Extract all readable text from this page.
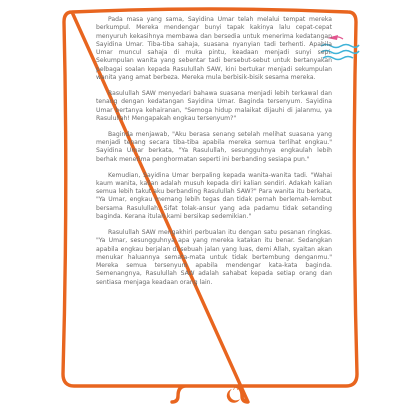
Pada masa yang sama, Sayidina Umar telah melalui tempat mereka berkumpul. Mereka mendengar bunyi tapak kakinya lalu cepat-cepat menyuruh kekasihnya membawa dan bersedia untuk menerima kedatangan Sayidina Umar. Tiba-tiba sahaja, suasana nyanyian tadi terhenti. Apabila Umar muncul sahaja di muka pintu, keadaan menjadi sunyi sepi. Sekumpulan wanita yang sebentar tadi bersebut-sebut untuk bertanyakan pelbagai soalan kepada Rasulullah SAW, kini bertukar menjadi sekumpulan wanita yang amat berbeza. Mereka mula berbisik-bisik sesama mereka.

Rasulullah SAW menyedari bahawa suasana menjadi lebih terkawal dan tenang dengan kedatangan Sayidina Umar. Baginda tersenyum. Sayidina Umar bertanya kehairanan, "Semoga hidup malaikat dijauhi di jalanmu, ya Rasulullah! Mengapakah engkau tersenyum?"

Baginda menjawab, "Aku berasa senang setelah melihat suasana yang menjadi tenang secara tiba-tiba apabila mereka semua terlihat engkau." Sayidina Umar berkata, "Ya Rasulullah, sesungguhnya engkaulah lebih berhak menerima penghormatan seperti ini berbanding sesiapa pun."

Kemudian, Sayidina Umar berpaling kepada wanita-wanita tadi. "Wahai kaum wanita, kalian adalah musuh kepada diri kalian sendiri. Adakah kalian semua lebih takut aku berbanding Rasulullah SAW?" Para wanita itu berkata, "Ya Umar, engkau memang lebih tegas dan tidak pernah berlemah-lembut bersama Rasulullah. Sifat tolak-ansur yang ada padamu tidak setanding baginda. Kerana itulah kami bersikap sedemikian."

Rasulullah SAW mengakhiri perbualan itu dengan satu pesanan ringkas. "Ya Umar, sesungguhnya apa yang mereka katakan itu benar. Sedangkan apabila engkau berjalan di sebuah jalan yang luas, demi Allah, syaitan akan menukar haluannya semata-mata untuk tidak bertembung denganmu." Mereka semua tersenyum apabila mendengar kata-kata baginda. Semenangnya, Rasulullah SAW adalah sahabat kepada setiap orang dan sentiasa menjaga keadaan orang lain.

77
